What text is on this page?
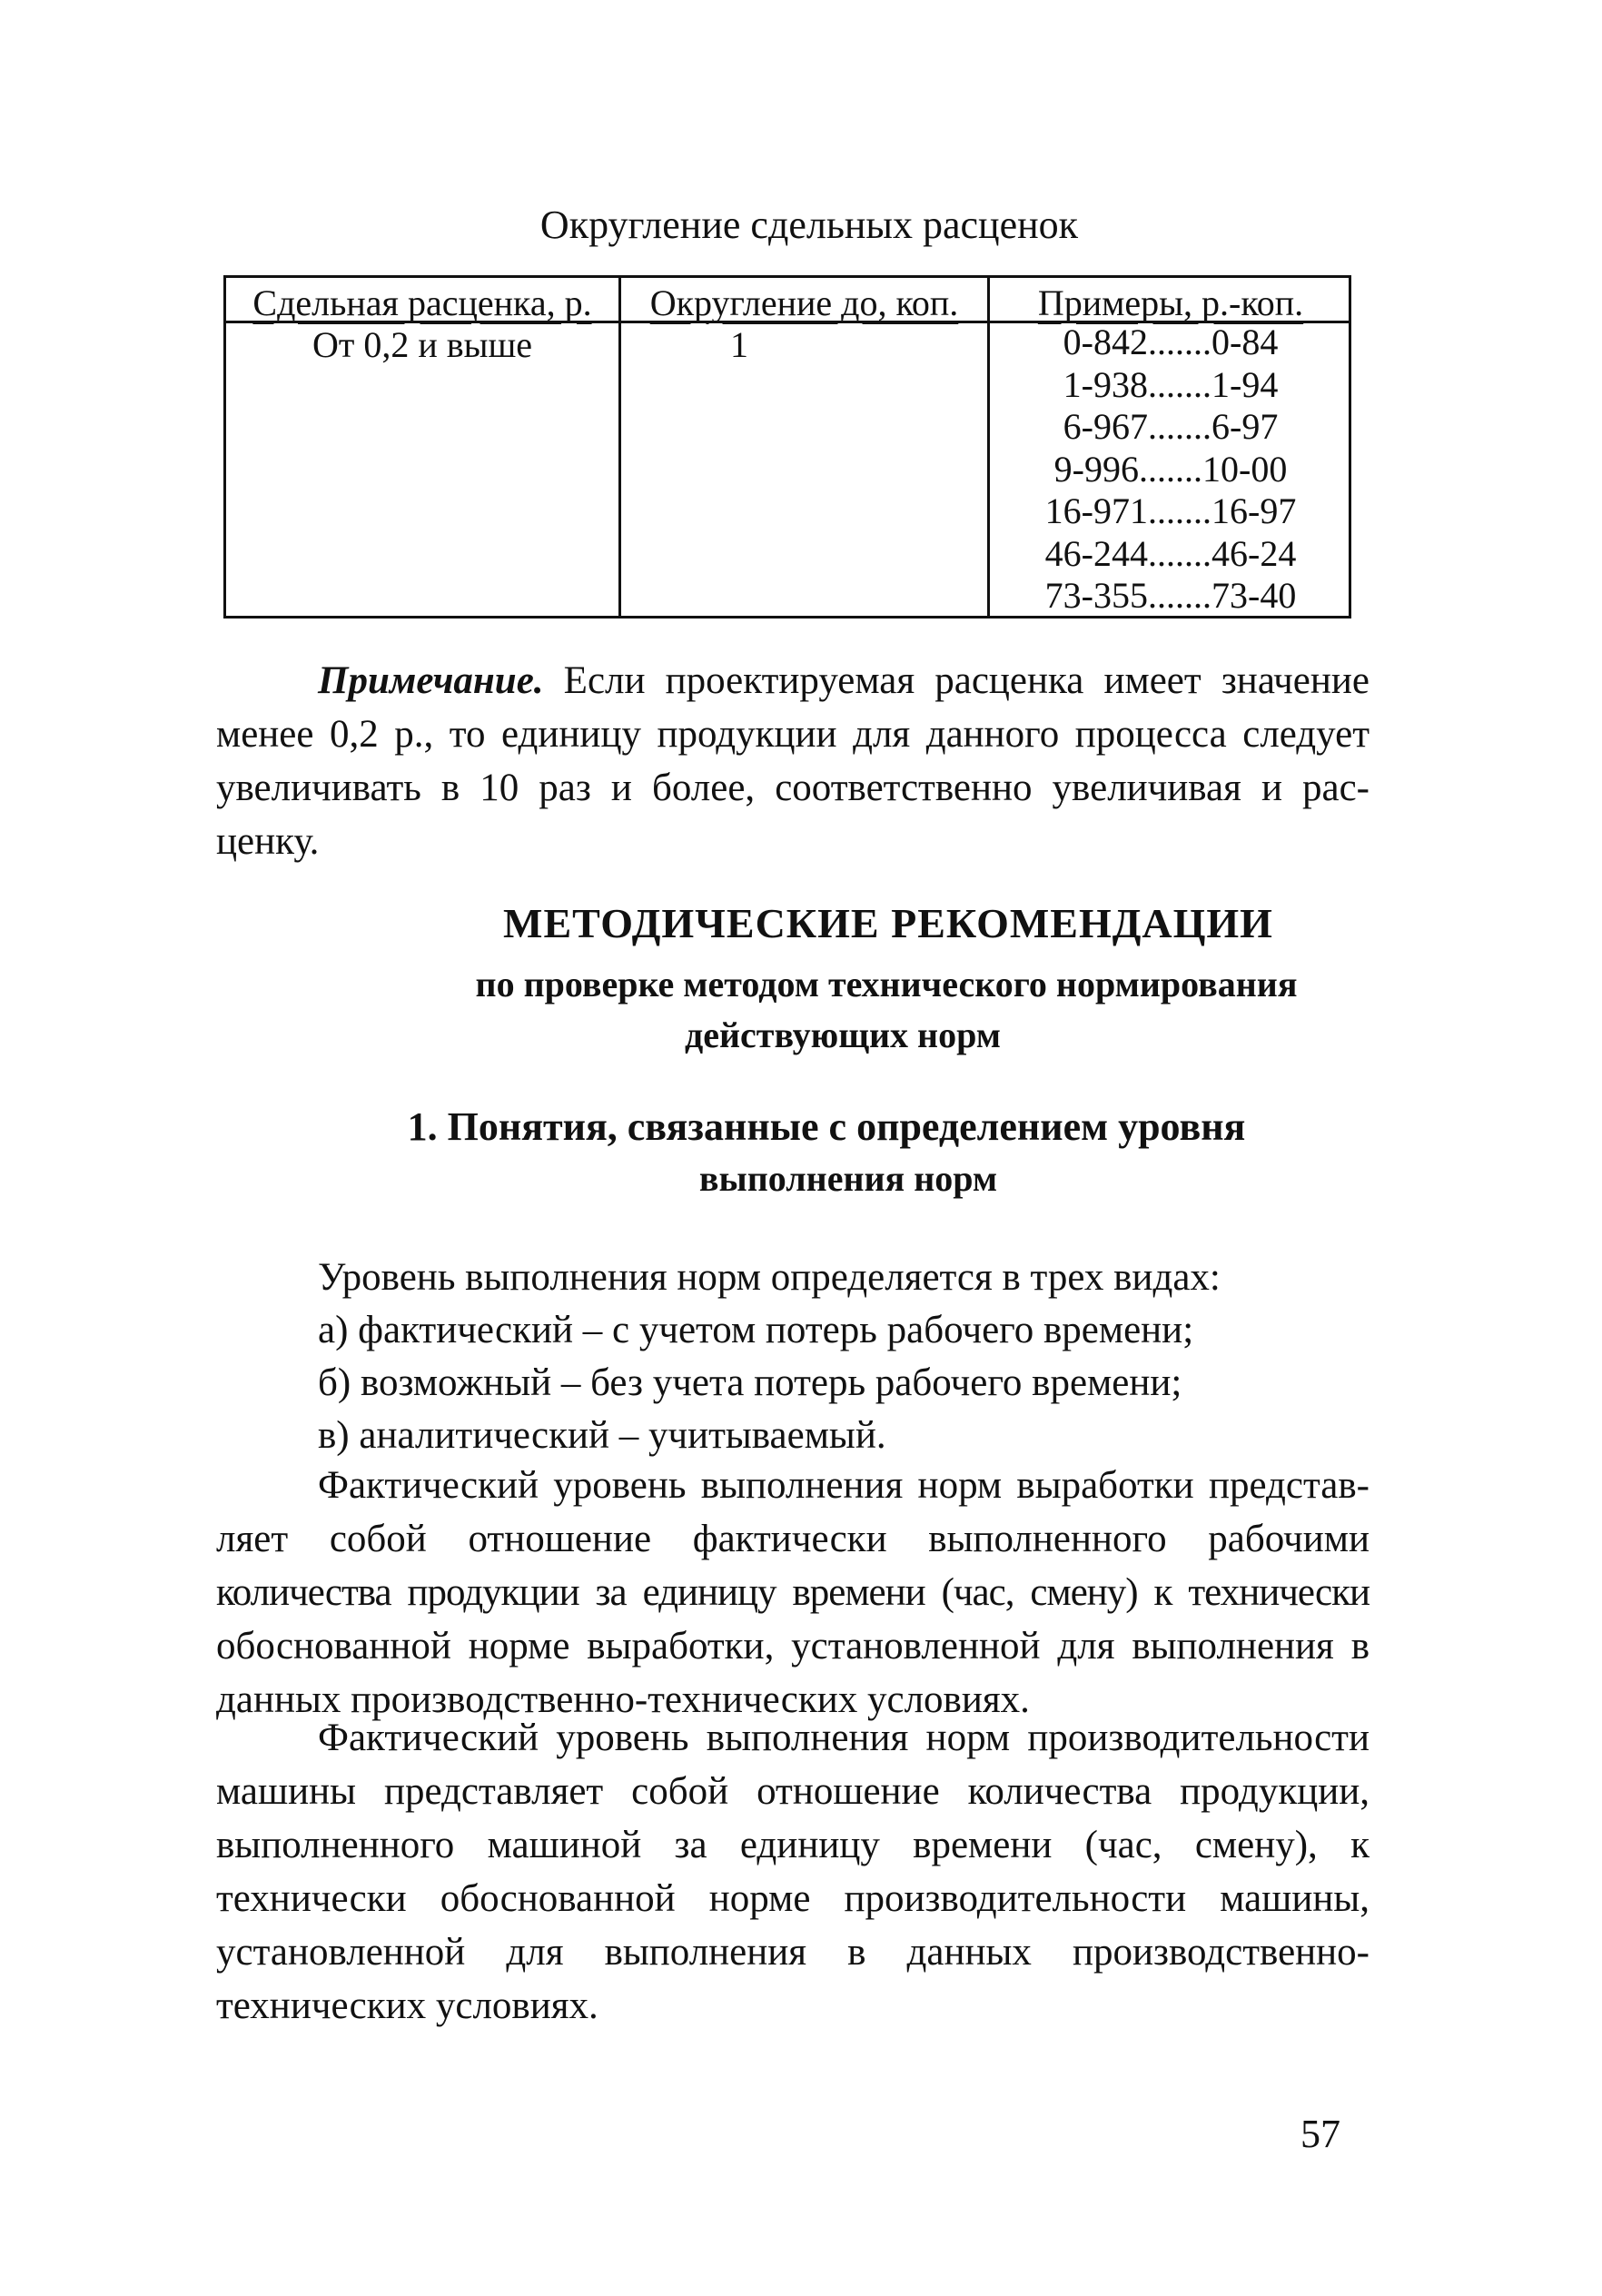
Округление сдельных расценок
Сдельная расценка, р.	Округление до, коп.	Примеры, р.-коп.
От 0,2 и выше	1	0-842.......0-84
1-938.......1-94
6-967.......6-97
9-996.......10-00
16-971.......16-97
46-244.......46-24
73-355.......73-40
Примечание. Если проектируемая расценка имеет значение
менее 0,2 р., то единицу продукции для данного процесса следует
увеличивать в 10 раз и более, соответственно увеличивая и рас-
ценку.
МЕТОДИЧЕСКИЕ РЕКОМЕНДАЦИИ
по проверке методом технического нормирования
действующих норм
1. Понятия, связанные с определением уровня
выполнения норм
Уровень выполнения норм определяется в трех видах:
а) фактический – с учетом потерь рабочего времени;
б) возможный – без учета потерь рабочего времени;
в) аналитический – учитываемый.
Фактический уровень выполнения норм выработки представ-
ляет собой отношение фактически выполненного рабочими
количества продукции за единицу времени (час, смену) к технически
обоснованной норме выработки, установленной для выполнения в
данных производственно-технических условиях.
Фактический уровень выполнения норм производительности
машины представляет собой отношение количества продукции,
выполненного машиной за единицу времени (час, смену), к
технически обоснованной норме производительности машины,
установленной для выполнения в данных производственно-
технических условиях.
57
